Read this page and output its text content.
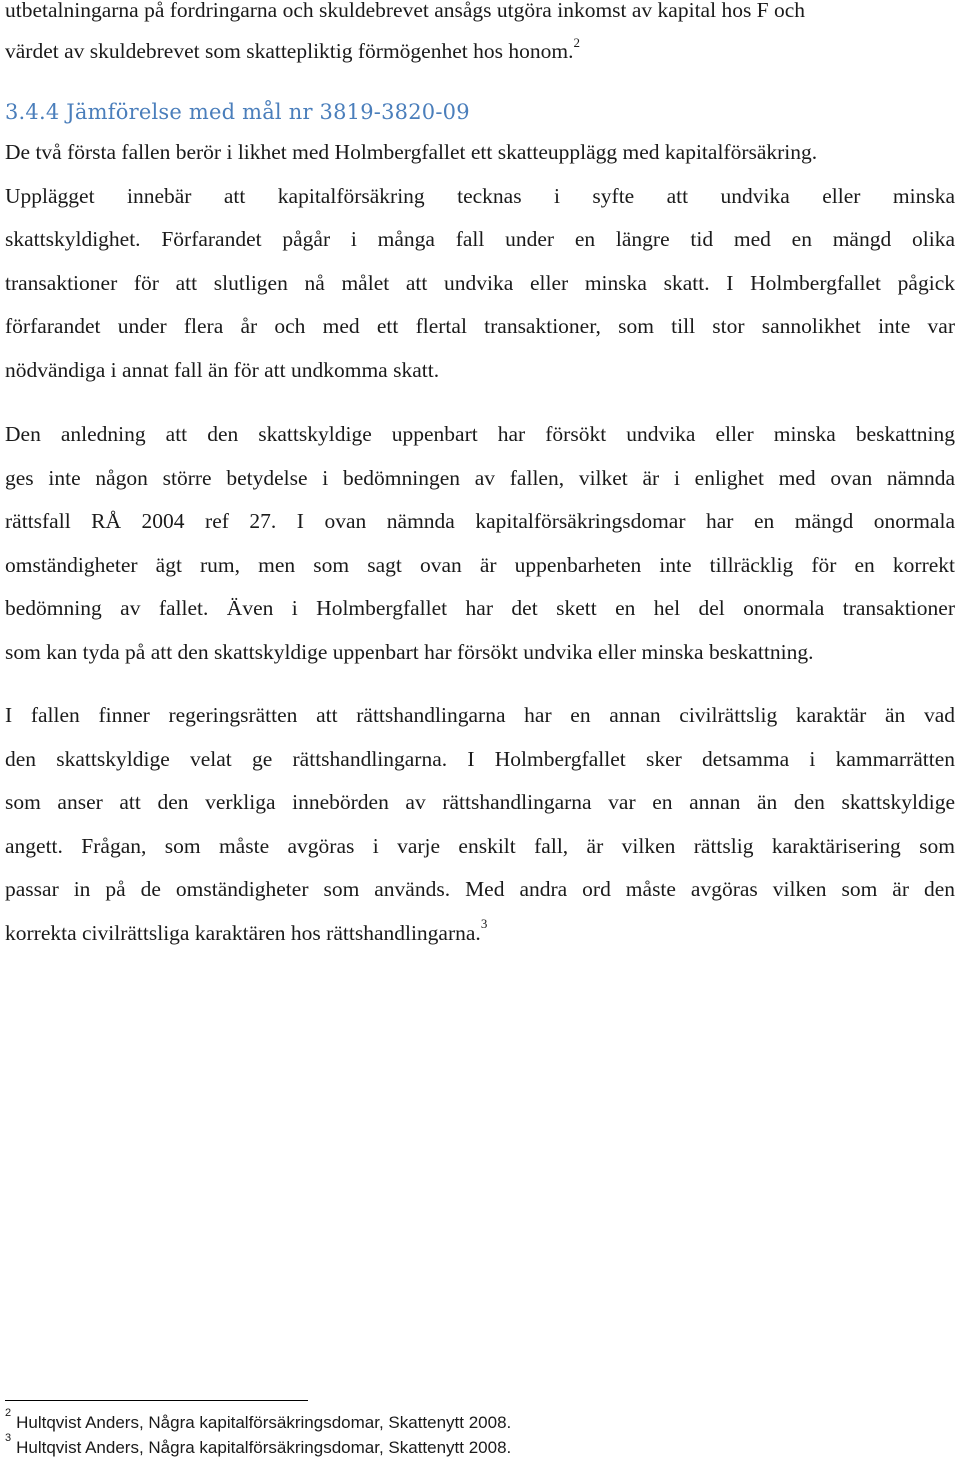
utbetalningarna på fordringarna och skuldebrevet ansågs utgöra inkomst av kapital hos F och
värdet av skuldebrevet som skattepliktig förmögenhet hos honom.$^2$

3.4.4 Jämförelse med mål nr 3819-3820-09

De två första fallen berör i likhet med Holmbergfallet ett skatteupplägg med kapitalförsäkring.
Upplägget innebär att kapitalförsäkring tecknas i syfte att undvika eller minska
skattskyldighet. Förfarandet pågår i många fall under en längre tid med en mängd olika
transaktioner för att slutligen nå målet att undvika eller minska skatt. I Holmbergfallet pågick
förfarandet under flera år och med ett flertal transaktioner, som till stor sannolikhet inte var
nödvändiga i annat fall än för att undkomma skatt.

Den anledning att den skattskyldige uppenbart har försökt undvika eller minska beskattning
ges inte någon större betydelse i bedömningen av fallen, vilket är i enlighet med ovan nämnda
rättsfall RÅ 2004 ref 27. I ovan nämnda kapitalförsäkringsdomar har en mängd onormala
omständigheter ägt rum, men som sagt ovan är uppenbarheten inte tillräcklig för en korrekt
bedömning av fallet. Även i Holmbergfallet har det skett en hel del onormala transaktioner
som kan tyda på att den skattskyldige uppenbart har försökt undvika eller minska beskattning.

I fallen finner regeringsrätten att rättshandlingarna har en annan civilrättslig karaktär än vad
den skattskyldige velat ge rättshandlingarna. I Holmbergfallet sker detsamma i kammarrätten
som anser att den verkliga innebörden av rättshandlingarna var en annan än den skattskyldige
angett. Frågan, som måste avgöras i varje enskilt fall, är vilken rättslig karaktärisering som
passar in på de omständigheter som används. Med andra ord måste avgöras vilken som är den
korrekta civilrättsliga karaktären hos rättshandlingarna.$^3$

$^2$ Hultqvist Anders, Några kapitalförsäkringsdomar, Skattenytt 2008.
$^3$ Hultqvist Anders, Några kapitalförsäkringsdomar, Skattenytt 2008.
